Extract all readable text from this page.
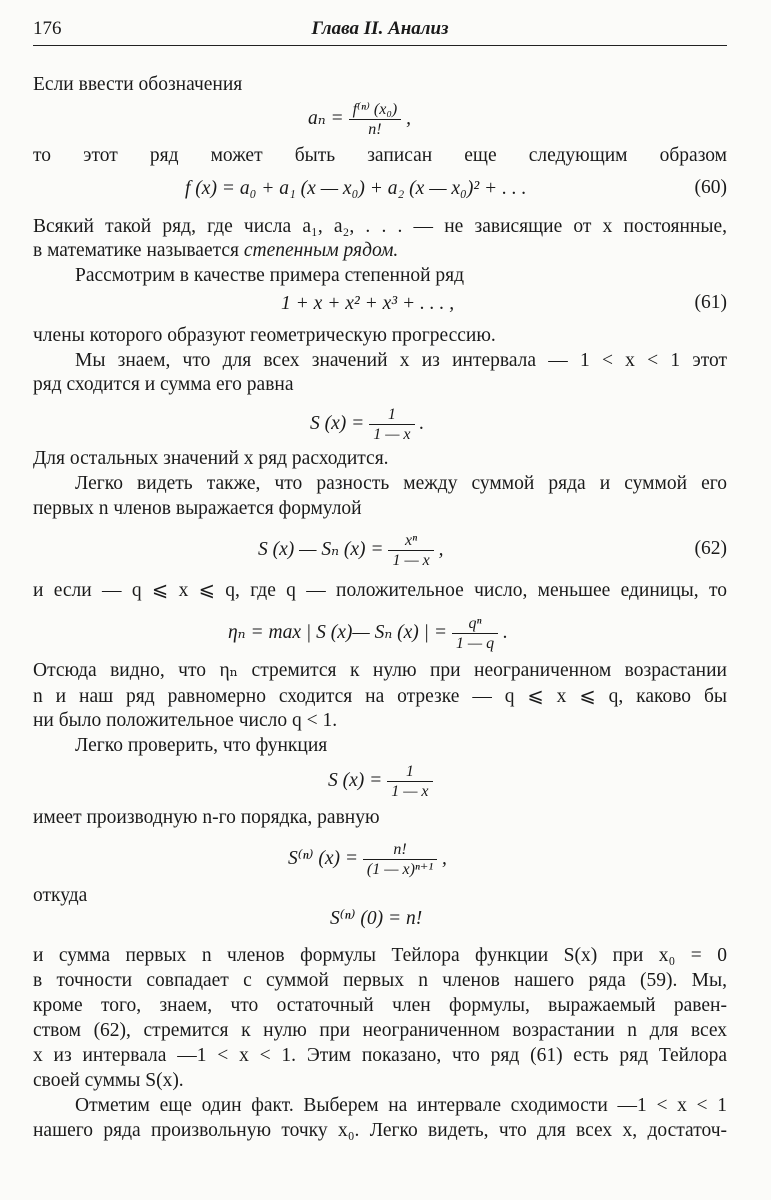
176	Глава II. Анализ
Если ввести обозначения
$a_n = \frac{\text{f⁽ⁿ⁾ (x₀)}}{n!}$ ,
то этот ряд может быть записан еще следующим образом
f (x) = a₀ + a₁ (x — x₀) + a₂ (x — x₀)² + . . .	(60)
Всякий такой ряд, где числа a₁, a₂, . . . — не зависящие от x постоянные,
в математике называется степенным рядом.
Рассмотрим в качестве примера степенной ряд
1 + x + x² + x³ + . . . ,	(61)
члены которого образуют геометрическую прогрессию.
Мы знаем, что для всех значений x из интервала — 1 < x < 1 этот
ряд сходится и сумма его равна
S $(x) = \frac{1}{1 — x}$ .
Для остальных значений x ряд расходится.
Легко видеть также, что разность между суммой ряда и суммой его
первых n членов выражается формулой
S (x) — Sₙ $(x) = \frac{\text{xⁿ}}{1 — x}$ ,	(62)
и если — q ⩽ x ⩽ q, где q — положительное число, меньшее единицы, то
ηₙ = max | S (x)— Sₙ (x) | = $\frac{\text{qⁿ}}{1 — q}$ .
Отсюда видно, что ηₙ стремится к нулю при неограниченном возрастании
n и наш ряд равномерно сходится на отрезке — q ⩽ x ⩽ q, каково бы
ни было положительное число q < 1.
Легко проверить, что функция
S $(x) = \frac{1}{1 — x}$
имеет производную n-го порядка, равную
S⁽ⁿ⁾ $(x) = \frac{n!}{\text{(1 — x)ⁿ⁺¹}}$ ,
откуда
S⁽ⁿ⁾ (0) = n!
и сумма первых n членов формулы Тейлора функции S(x) при x₀ = 0
в точности совпадает с суммой первых n членов нашего ряда (59). Мы,
кроме того, знаем, что остаточный член формулы, выражаемый равен-
ством (62), стремится к нулю при неограниченном возрастании n для всех
x из интервала —1 < x < 1. Этим показано, что ряд (61) есть ряд Тейлора
своей суммы S(x).
Отметим еще один факт. Выберем на интервале сходимости —1 < x < 1
нашего ряда произвольную точку x₀. Легко видеть, что для всех x, достаточ-
